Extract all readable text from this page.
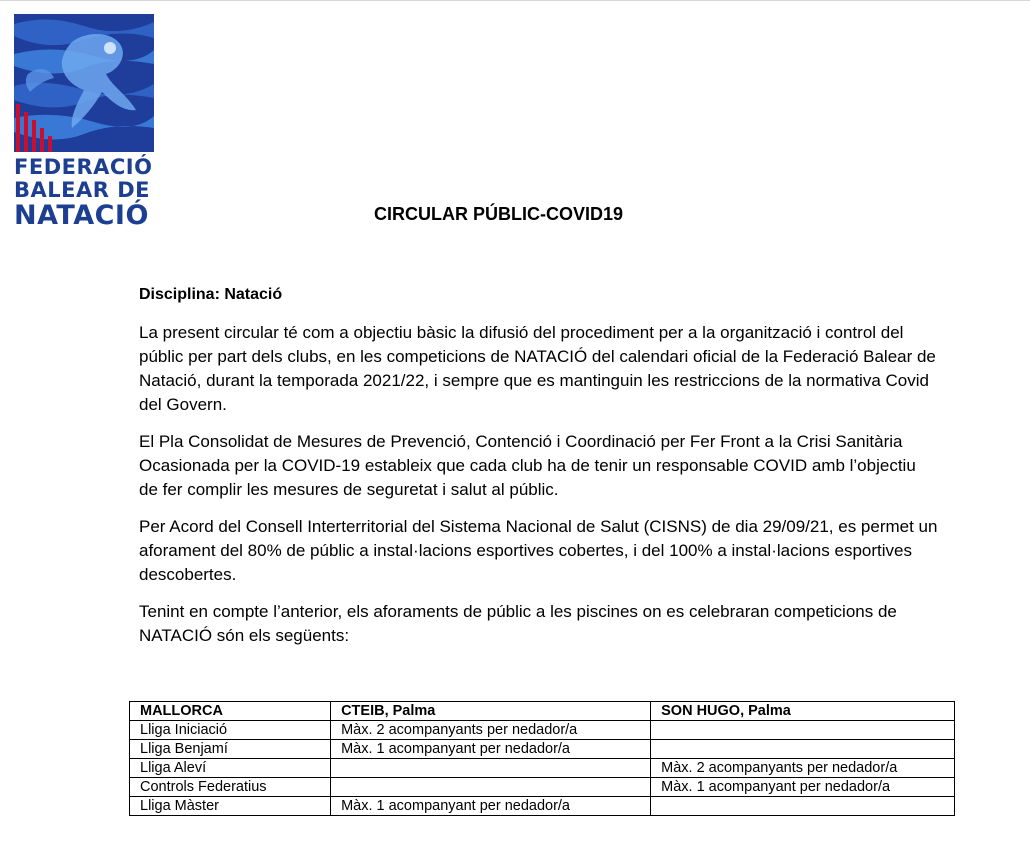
FEDERACIÓ
BALEAR DE
NATACIÓ	CIRCULAR PÚBLIC-COVID19

Disciplina: Natació

La present circular té com a objectiu bàsic la difusió del procediment per a la organització i control del públic per part dels clubs, en les competicions de NATACIÓ del calendari oficial de la Federació Balear de Natació, durant la temporada 2021/22, i sempre que es mantinguin les restriccions de la normativa Covid del Govern.

El Pla Consolidat de Mesures de Prevenció, Contenció i Coordinació per Fer Front a la Crisi Sanitària Ocasionada per la COVID-19 estableix que cada club ha de tenir un responsable COVID amb l’objectiu de fer complir les mesures de seguretat i salut al públic.

Per Acord del Consell Interterritorial del Sistema Nacional de Salut (CISNS) de dia 29/09/21, es permet un aforament del 80% de públic a instal·lacions esportives cobertes, i del 100% a instal·lacions esportives descobertes.

Tenint en compte l’anterior, els aforaments de públic a les piscines on es celebraran competicions de NATACIÓ són els següents:

MALLORCA	CTEIB, Palma	SON HUGO, Palma
Lliga Iniciació	Màx. 2 acompanyants per nedador/a	
Lliga Benjamí	Màx. 1 acompanyant per nedador/a	
Lliga Aleví		Màx. 2 acompanyants per nedador/a
Controls Federatius		Màx. 1 acompanyant per nedador/a
Lliga Màster	Màx. 1 acompanyant per nedador/a	
